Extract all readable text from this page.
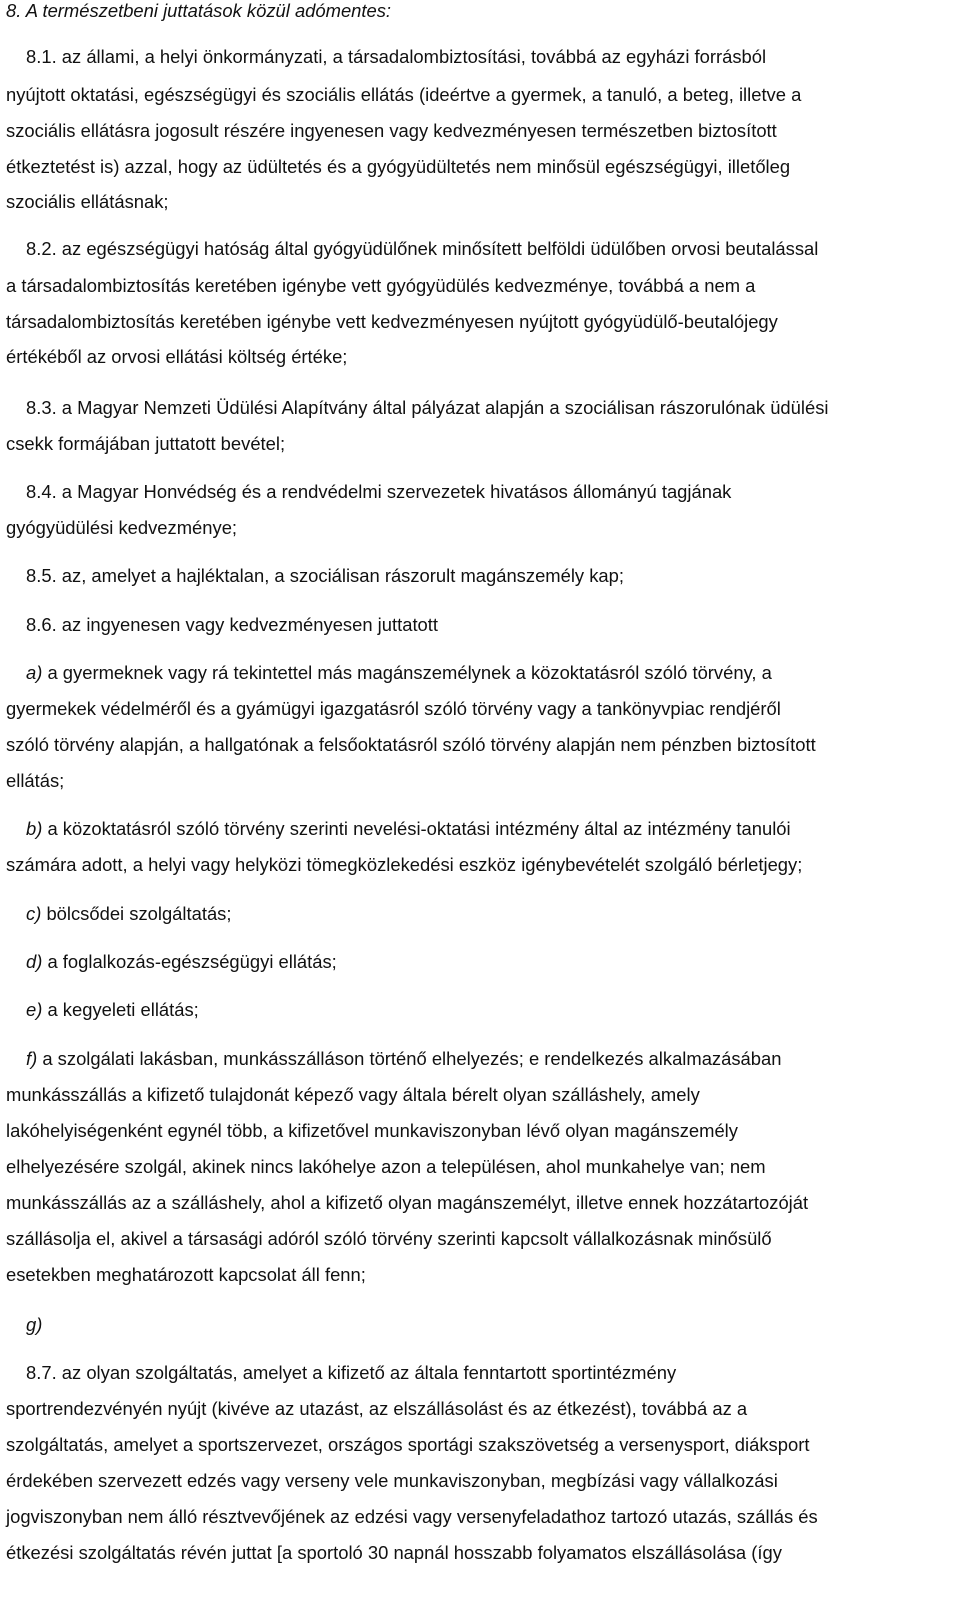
8. A természetbeni juttatások közül adómentes:
8.1. az állami, a helyi önkormányzati, a társadalombiztosítási, továbbá az egyházi forrásból
nyújtott oktatási, egészségügyi és szociális ellátás (ideértve a gyermek, a tanuló, a beteg, illetve a
szociális ellátásra jogosult részére ingyenesen vagy kedvezményesen természetben biztosított
étkeztetést is) azzal, hogy az üdültetés és a gyógyüdültetés nem minősül egészségügyi, illetőleg
szociális ellátásnak;
8.2. az egészségügyi hatóság által gyógyüdülőnek minősített belföldi üdülőben orvosi beutalással
a társadalombiztosítás keretében igénybe vett gyógyüdülés kedvezménye, továbbá a nem a
társadalombiztosítás keretében igénybe vett kedvezményesen nyújtott gyógyüdülő-beutalójegy
értékéből az orvosi ellátási költség értéke;
8.3. a Magyar Nemzeti Üdülési Alapítvány által pályázat alapján a szociálisan rászorulónak üdülési
csekk formájában juttatott bevétel;
8.4. a Magyar Honvédség és a rendvédelmi szervezetek hivatásos állományú tagjának
gyógyüdülési kedvezménye;
8.5. az, amelyet a hajléktalan, a szociálisan rászorult magánszemély kap;
8.6. az ingyenesen vagy kedvezményesen juttatott
a) a gyermeknek vagy rá tekintettel más magánszemélynek a közoktatásról szóló törvény, a
gyermekek védelméről és a gyámügyi igazgatásról szóló törvény vagy a tankönyvpiac rendjéről
szóló törvény alapján, a hallgatónak a felsőoktatásról szóló törvény alapján nem pénzben biztosított
ellátás;
b) a közoktatásról szóló törvény szerinti nevelési-oktatási intézmény által az intézmény tanulói
számára adott, a helyi vagy helyközi tömegközlekedési eszköz igénybevételét szolgáló bérletjegy;
c) bölcsődei szolgáltatás;
d) a foglalkozás-egészségügyi ellátás;
e) a kegyeleti ellátás;
f) a szolgálati lakásban, munkásszálláson történő elhelyezés; e rendelkezés alkalmazásában
munkásszállás a kifizető tulajdonát képező vagy általa bérelt olyan szálláshely, amely
lakóhelyiségenként egynél több, a kifizetővel munkaviszonyban lévő olyan magánszemély
elhelyezésére szolgál, akinek nincs lakóhelye azon a településen, ahol munkahelye van; nem
munkásszállás az a szálláshely, ahol a kifizető olyan magánszemélyt, illetve ennek hozzátartozóját
szállásolja el, akivel a társasági adóról szóló törvény szerinti kapcsolt vállalkozásnak minősülő
esetekben meghatározott kapcsolat áll fenn;
g)
8.7. az olyan szolgáltatás, amelyet a kifizető az általa fenntartott sportintézmény
sportrendezvényén nyújt (kivéve az utazást, az elszállásolást és az étkezést), továbbá az a
szolgáltatás, amelyet a sportszervezet, országos sportági szakszövetség a versenysport, diáksport
érdekében szervezett edzés vagy verseny vele munkaviszonyban, megbízási vagy vállalkozási
jogviszonyban nem álló résztvevőjének az edzési vagy versenyfeladathoz tartozó utazás, szállás és
étkezési szolgáltatás révén juttat [a sportoló 30 napnál hosszabb folyamatos elszállásolása (így
